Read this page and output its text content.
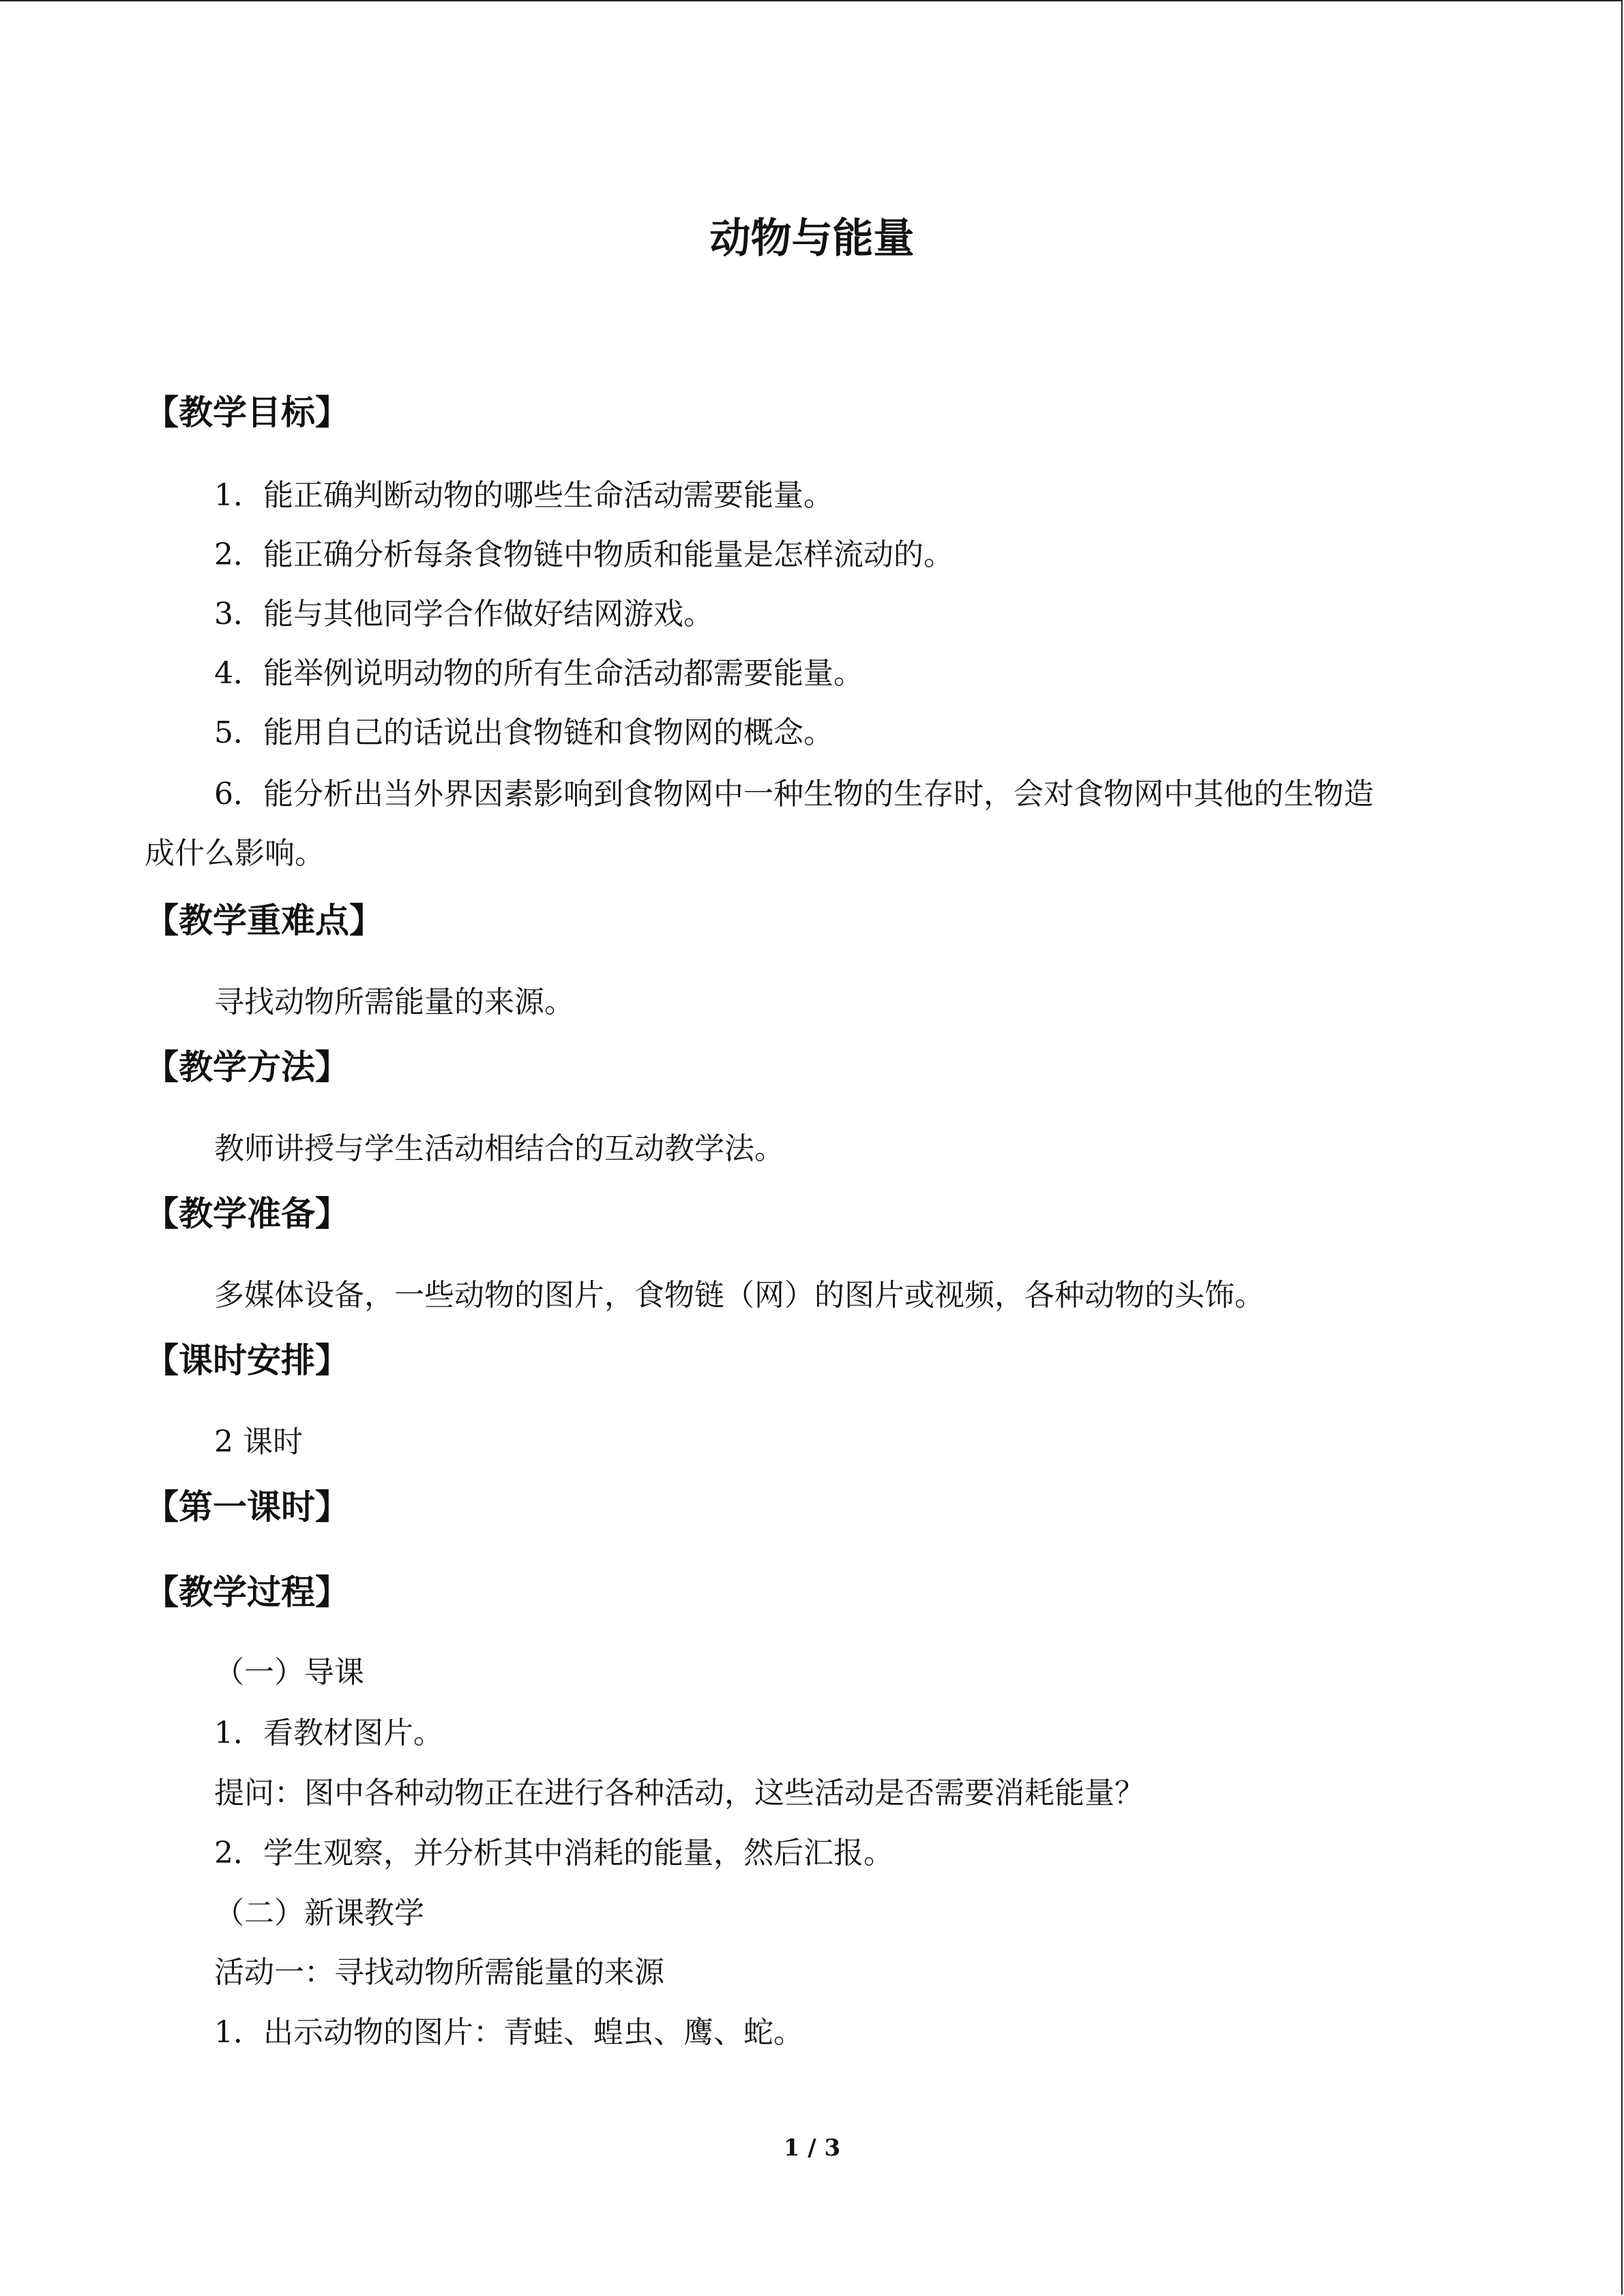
动物与能量
【教学目标】
1．能正确判断动物的哪些生命活动需要能量。
2．能正确分析每条食物链中物质和能量是怎样流动的。
3．能与其他同学合作做好结网游戏。
4．能举例说明动物的所有生命活动都需要能量。
5．能用自己的话说出食物链和食物网的概念。
6．能分析出当外界因素影响到食物网中一种生物的生存时，会对食物网中其他的生物造
成什么影响。
【教学重难点】
寻找动物所需能量的来源。
【教学方法】
教师讲授与学生活动相结合的互动教学法。
【教学准备】
多媒体设备，一些动物的图片，食物链（网）的图片或视频，各种动物的头饰。
【课时安排】
2 课时
【第一课时】
【教学过程】
（一）导课
1．看教材图片。
提问：图中各种动物正在进行各种活动，这些活动是否需要消耗能量？
2．学生观察，并分析其中消耗的能量，然后汇报。
（二）新课教学
活动一：寻找动物所需能量的来源
1．出示动物的图片：青蛙、蝗虫、鹰、蛇。
1 / 3
